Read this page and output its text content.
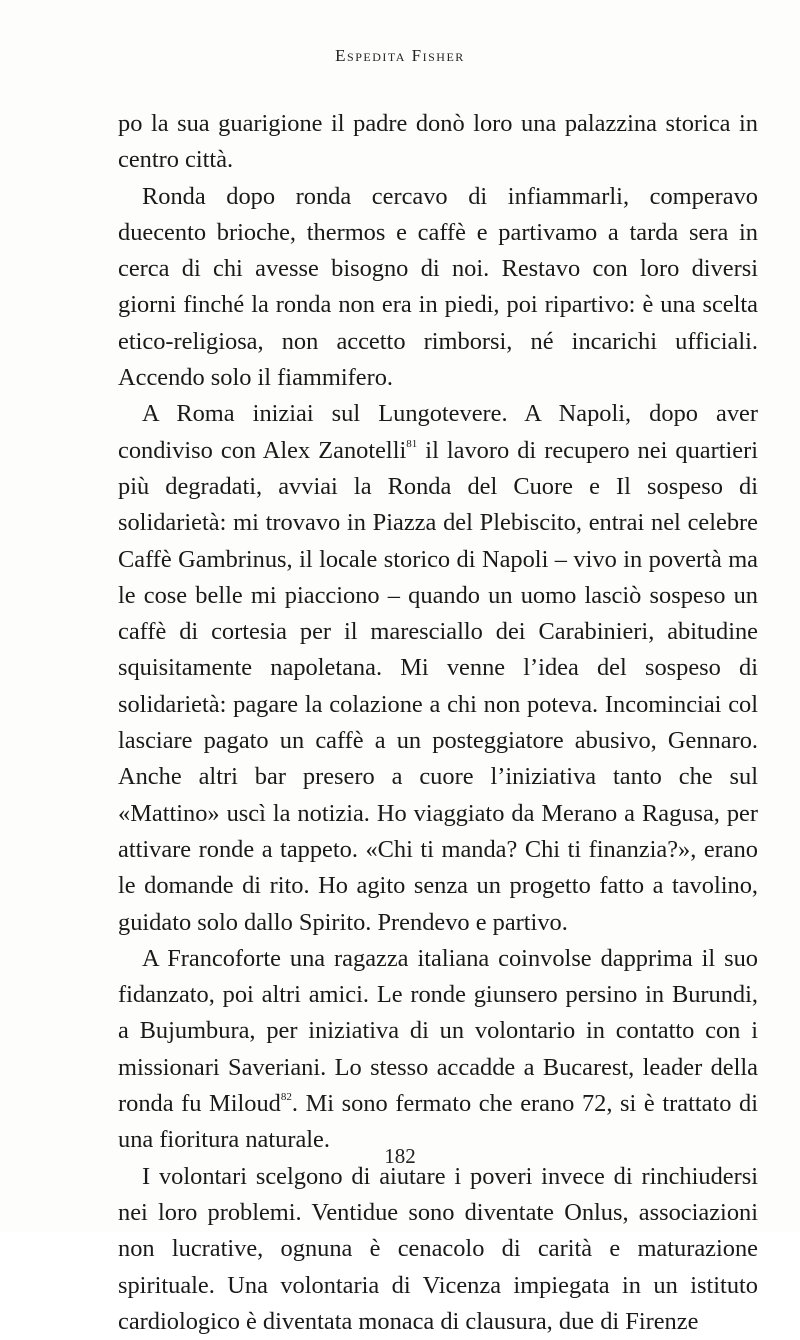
Espedita Fisher

po la sua guarigione il padre donò loro una palazzina storica in centro città.

Ronda dopo ronda cercavo di infiammarli, comperavo duecento brioche, thermos e caffè e partivamo a tarda sera in cerca di chi avesse bisogno di noi. Restavo con loro diversi giorni finché la ronda non era in piedi, poi ripartivo: è una scelta etico-religiosa, non accetto rimborsi, né incarichi ufficiali. Accendo solo il fiammifero.

A Roma iniziai sul Lungotevere. A Napoli, dopo aver condiviso con Alex Zanotelli$^{81}$ il lavoro di recupero nei quartieri più degradati, avviai la Ronda del Cuore e Il sospeso di solidarietà: mi trovavo in Piazza del Plebiscito, entrai nel celebre Caffè Gambrinus, il locale storico di Napoli – vivo in povertà ma le cose belle mi piacciono – quando un uomo lasciò sospeso un caffè di cortesia per il maresciallo dei Carabinieri, abitudine squisitamente napoletana. Mi venne l’idea del sospeso di solidarietà: pagare la colazione a chi non poteva. Incominciai col lasciare pagato un caffè a un posteggiatore abusivo, Gennaro. Anche altri bar presero a cuore l’iniziativa tanto che sul «Mattino» uscì la notizia. Ho viaggiato da Merano a Ragusa, per attivare ronde a tappeto. «Chi ti manda? Chi ti finanzia?», erano le domande di rito. Ho agito senza un progetto fatto a tavolino, guidato solo dallo Spirito. Prendevo e partivo.

A Francoforte una ragazza italiana coinvolse dapprima il suo fidanzato, poi altri amici. Le ronde giunsero persino in Burundi, a Bujumbura, per iniziativa di un volontario in contatto con i missionari Saveriani. Lo stesso accadde a Bucarest, leader della ronda fu Miloud$^{82}$. Mi sono fermato che erano 72, si è trattato di una fioritura naturale.

I volontari scelgono di aiutare i poveri invece di rinchiudersi nei loro problemi. Ventidue sono diventate Onlus, associazioni non lucrative, ognuna è cenacolo di carità e maturazione spirituale. Una volontaria di Vicenza impiegata in un istituto cardiologico è diventata monaca di clausura, due di Firenze

182
